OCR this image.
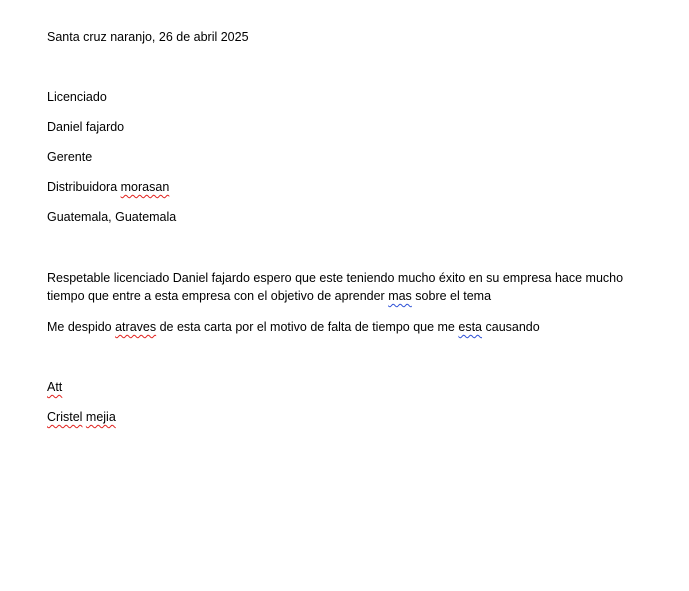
Santa cruz naranjo, 26 de abril 2025
Licenciado
Daniel fajardo
Gerente
Distribuidora morasan
Guatemala, Guatemala
Respetable licenciado Daniel fajardo espero que este teniendo mucho éxito en su empresa hace mucho tiempo que entre a esta empresa con el objetivo de aprender mas sobre el tema
Me despido atraves de esta carta por el motivo de falta de tiempo que me esta causando
Att
Cristel mejia
